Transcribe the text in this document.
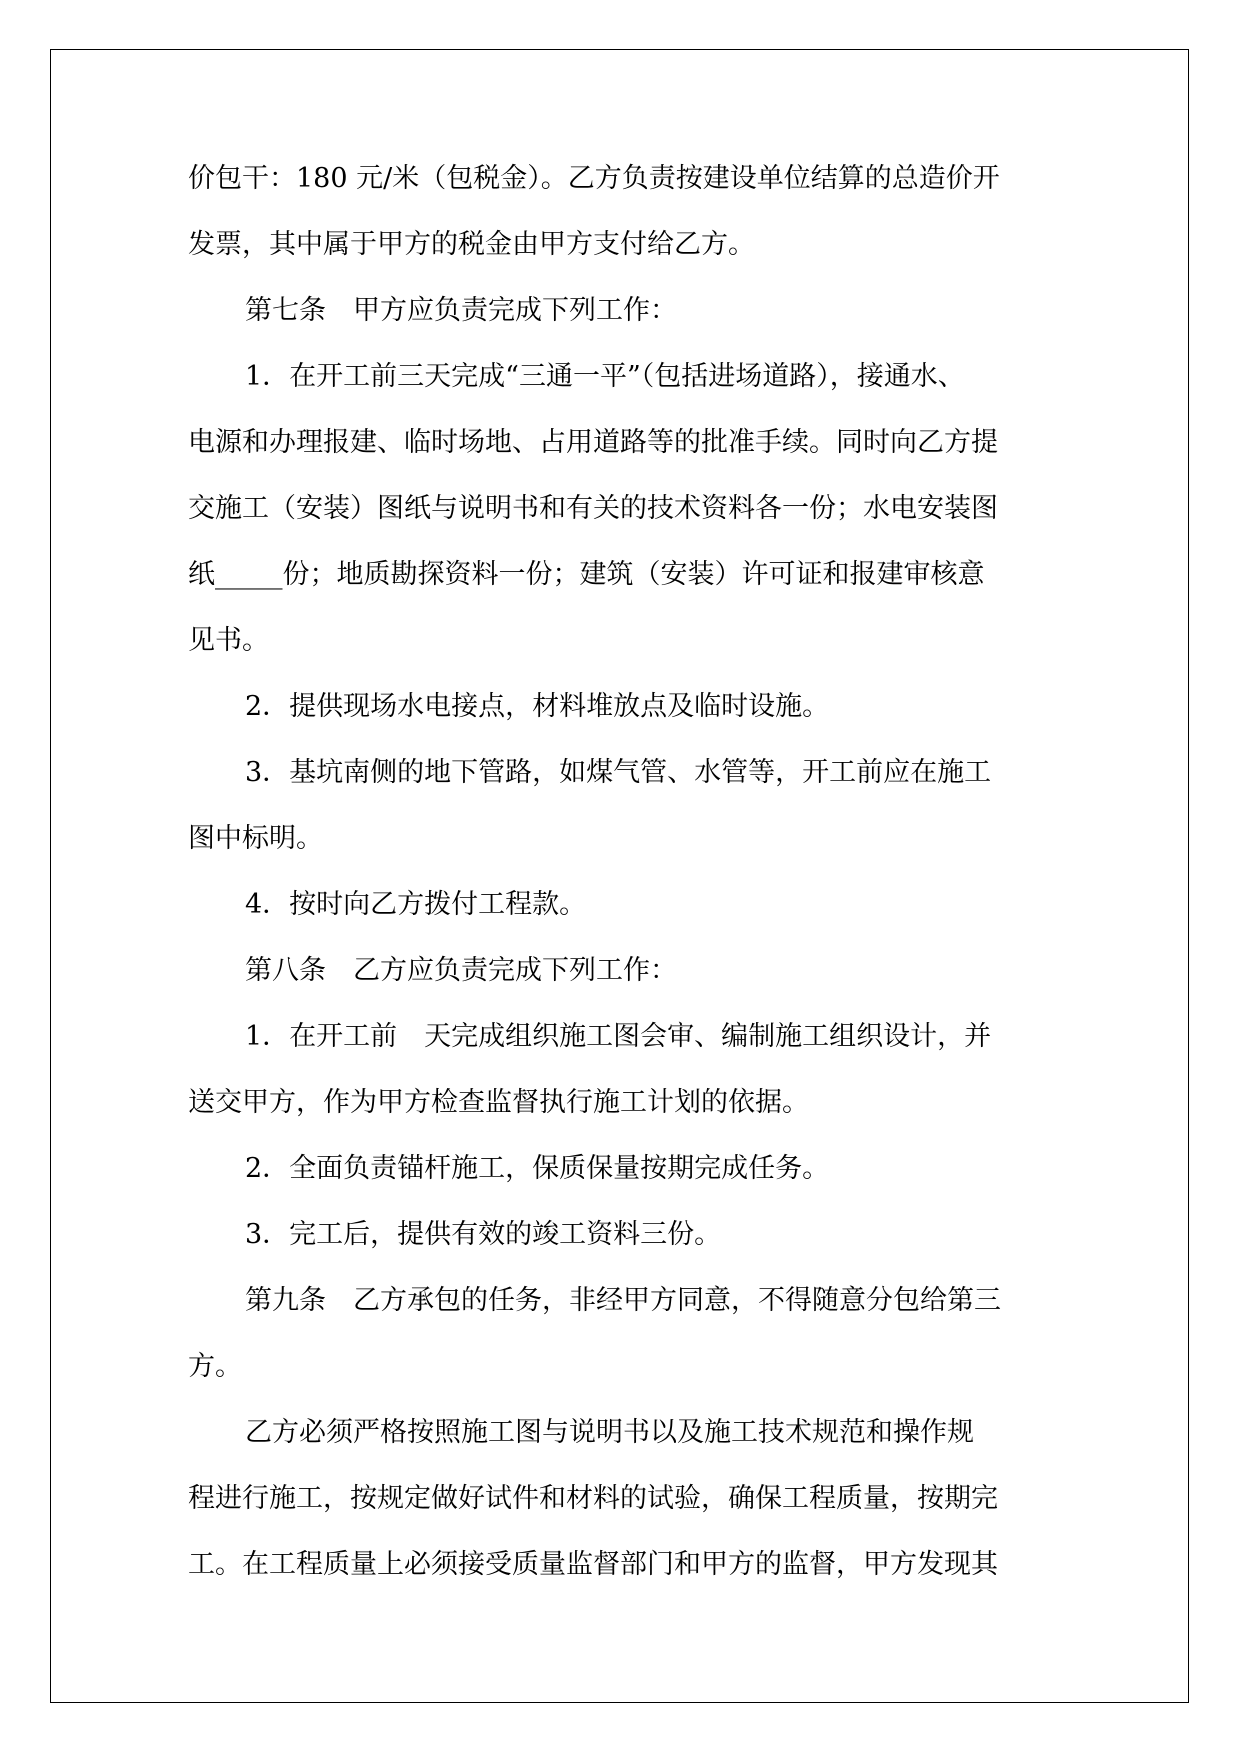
价包干：180 元/米（包税金）。乙方负责按建设单位结算的总造价开
发票，其中属于甲方的税金由甲方支付给乙方。
第七条　甲方应负责完成下列工作：
1．在开工前三天完成“三通一平”（包括进场道路），接通水、
电源和办理报建、临时场地、占用道路等的批准手续。同时向乙方提
交施工（安装）图纸与说明书和有关的技术资料各一份；水电安装图
纸_____份；地质勘探资料一份；建筑（安装）许可证和报建审核意
见书。
2．提供现场水电接点，材料堆放点及临时设施。
3．基坑南侧的地下管路，如煤气管、水管等，开工前应在施工
图中标明。
4．按时向乙方拨付工程款。
第八条　乙方应负责完成下列工作：
1．在开工前　天完成组织施工图会审、编制施工组织设计，并
送交甲方，作为甲方检查监督执行施工计划的依据。
2．全面负责锚杆施工，保质保量按期完成任务。
3．完工后，提供有效的竣工资料三份。
第九条　乙方承包的任务，非经甲方同意，不得随意分包给第三
方。
乙方必须严格按照施工图与说明书以及施工技术规范和操作规
程进行施工，按规定做好试件和材料的试验，确保工程质量，按期完
工。在工程质量上必须接受质量监督部门和甲方的监督，甲方发现其
